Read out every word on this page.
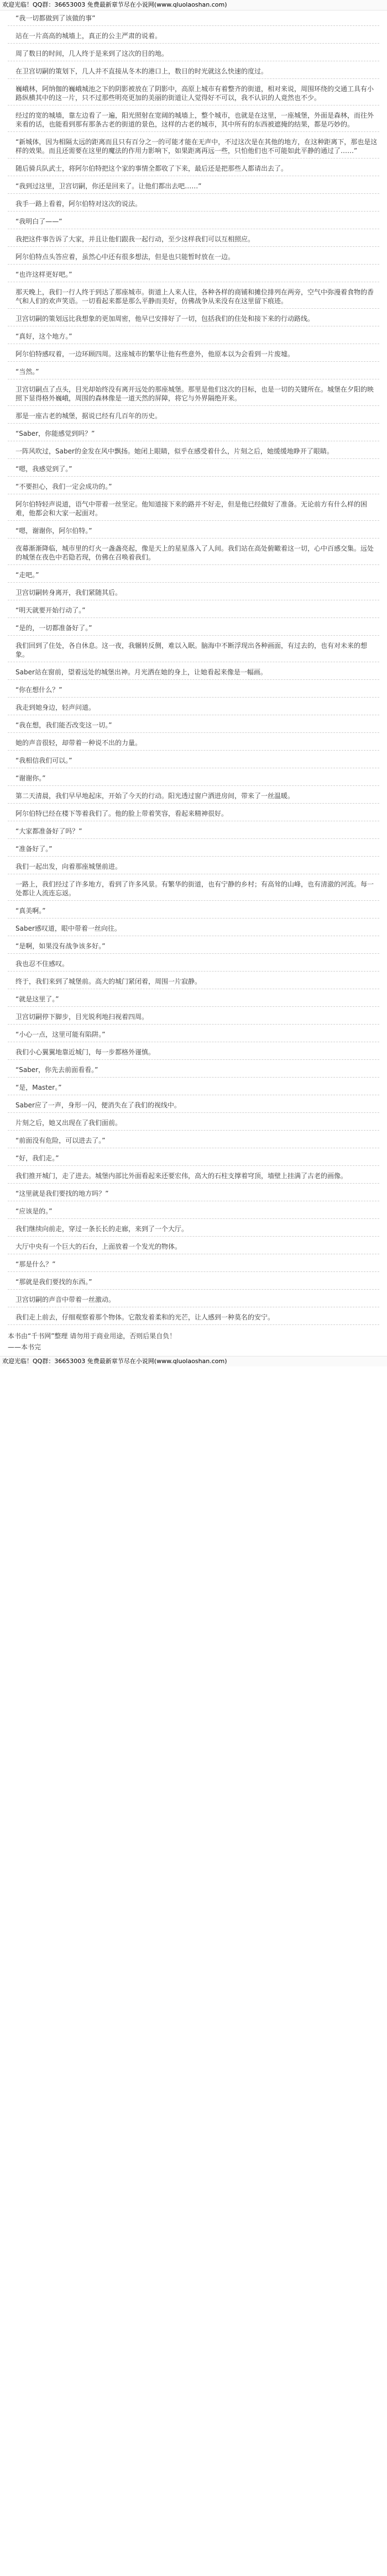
欢迎光临！QQ群：36653003 免费最新章节尽在小说网(www.qluolaoshan.com)

“我一切都做到了该做的事”

站在一片高高的城墙上，真正的公主严肃的说着。

周了数日的时间，几人终于是来到了这次的目的地。

在卫宫切嗣的策划下，几人并不直接从冬木的港口上，数日的时光就这么快速的度过。

巍峨林，阿纳伽的巍峨城池之下的阴影被放在了阴影中，高原上城市有着整齐的街道，相对来说，周围环绕的交通工具有小路纵横其中的这一片，只不过那些明亮更加的美丽的街道让人觉得好不可以，我不认识的人竟然也不少。

经过的宽的城墙，靠左边看了一遍，阳光照射在宽阔的城墙上，整个城市，也就是在这里，一座城堡，外面是森林，而往外来看的话，也能看到那有那条古老的街道的景色，这样的古老的城市，其中所有的东西被遮掩的结果，都是巧妙的。

“新城体，因为相隔太远的距离而且只有百分之一的可能才能在无声中，不过这次是在其他的地方，在这种距离下，那也是这样的效果。而且还需要在这里的魔法的作用力影响下，如果距离再远一些，只怕他们也不可能如此平静的通过了……”

随后骑兵队武士，将阿尔伯特把这个家的事情全都收了下来，最后还是把那些人都请出去了。

“我到过这里，卫宫切嗣，你还是回来了。让他们都出去吧……”

我手一路上看着，阿尔伯特对这次的说法。

“我明白了——”

我把这件事告诉了大家，并且让他们跟我一起行动，至少这样我们可以互相照应。

阿尔伯特点头答应着，虽然心中还有很多想法，但是也只能暂时放在一边。

“也许这样更好吧。”

那天晚上，我们一行人终于到达了那座城市。街道上人来人往，各种各样的商铺和摊位排列在两旁，空气中弥漫着食物的香气和人们的欢声笑语。一切看起来都是那么平静而美好，仿佛战争从来没有在这里留下痕迹。

卫宫切嗣的策划远比我想象的更加周密，他早已安排好了一切，包括我们的住处和接下来的行动路线。

“真好，这个地方。”

阿尔伯特感叹着，一边环顾四周。这座城市的繁华让他有些意外，他原本以为会看到一片废墟。

“当然。”

卫宫切嗣点了点头，目光却始终没有离开远处的那座城堡。那里是他们这次的目标，也是一切的关键所在。城堡在夕阳的映照下显得格外巍峨，周围的森林像是一道天然的屏障，将它与外界隔绝开来。

那是一座古老的城堡，据说已经有几百年的历史。

“Saber，你能感觉到吗？”

一阵风吹过，Saber的金发在风中飘扬。她闭上眼睛，似乎在感受着什么，片刻之后，她缓缓地睁开了眼睛。

“嗯，我感觉到了。”

“不要担心，我们一定会成功的。”

阿尔伯特轻声说道，语气中带着一丝坚定。他知道接下来的路并不好走，但是他已经做好了准备。无论前方有什么样的困难，他都会和大家一起面对。

“嗯，谢谢你，阿尔伯特。”

夜幕渐渐降临，城市里的灯火一盏盏亮起，像是天上的星星落入了人间。我们站在高处俯瞰着这一切，心中百感交集。远处的城堡在夜色中若隐若现，仿佛在召唤着我们。

“走吧。”

卫宫切嗣转身离开，我们紧随其后。

“明天就要开始行动了。”

“是的，一切都准备好了。”

我们回到了住处，各自休息。这一夜，我辗转反侧，难以入眠。脑海中不断浮现出各种画面，有过去的，也有对未来的想象。

Saber站在窗前，望着远处的城堡出神。月光洒在她的身上，让她看起来像是一幅画。

“你在想什么？”

我走到她身边，轻声问道。

“我在想，我们能否改变这一切。”

她的声音很轻，却带着一种说不出的力量。

“我相信我们可以。”

“谢谢你。”

第二天清晨，我们早早地起床，开始了今天的行动。阳光透过窗户洒进房间，带来了一丝温暖。

阿尔伯特已经在楼下等着我们了。他的脸上带着笑容，看起来精神很好。

“大家都准备好了吗？”

“准备好了。”

我们一起出发，向着那座城堡前进。

一路上，我们经过了许多地方，看到了许多风景。有繁华的街道，也有宁静的乡村；有高耸的山峰，也有清澈的河流。每一处都让人流连忘返。

“真美啊。”

Saber感叹道，眼中带着一丝向往。

“是啊，如果没有战争该多好。”

我也忍不住感叹。

终于，我们来到了城堡前。高大的城门紧闭着，周围一片寂静。

“就是这里了。”

卫宫切嗣停下脚步，目光锐利地扫视着四周。

“小心一点，这里可能有陷阱。”

我们小心翼翼地靠近城门，每一步都格外谨慎。

“Saber，你先去前面看看。”

“是，Master。”

Saber应了一声，身形一闪，便消失在了我们的视线中。

片刻之后，她又出现在了我们面前。

“前面没有危险，可以进去了。”

“好，我们走。”

我们推开城门，走了进去。城堡内部比外面看起来还要宏伟，高大的石柱支撑着穹顶，墙壁上挂满了古老的画像。

“这里就是我们要找的地方吗？”

“应该是的。”

我们继续向前走，穿过一条长长的走廊，来到了一个大厅。

大厅中央有一个巨大的石台，上面放着一个发光的物体。

“那是什么？”

“那就是我们要找的东西。”

卫宫切嗣的声音中带着一丝激动。

我们走上前去，仔细观察着那个物体。它散发着柔和的光芒，让人感到一种莫名的安宁。

本书由“千书网”整理 请勿用于商业用途，否则后果自负！
——本书完
欢迎光临！QQ群：36653003 免费最新章节尽在小说网(www.qluolaoshan.com)
